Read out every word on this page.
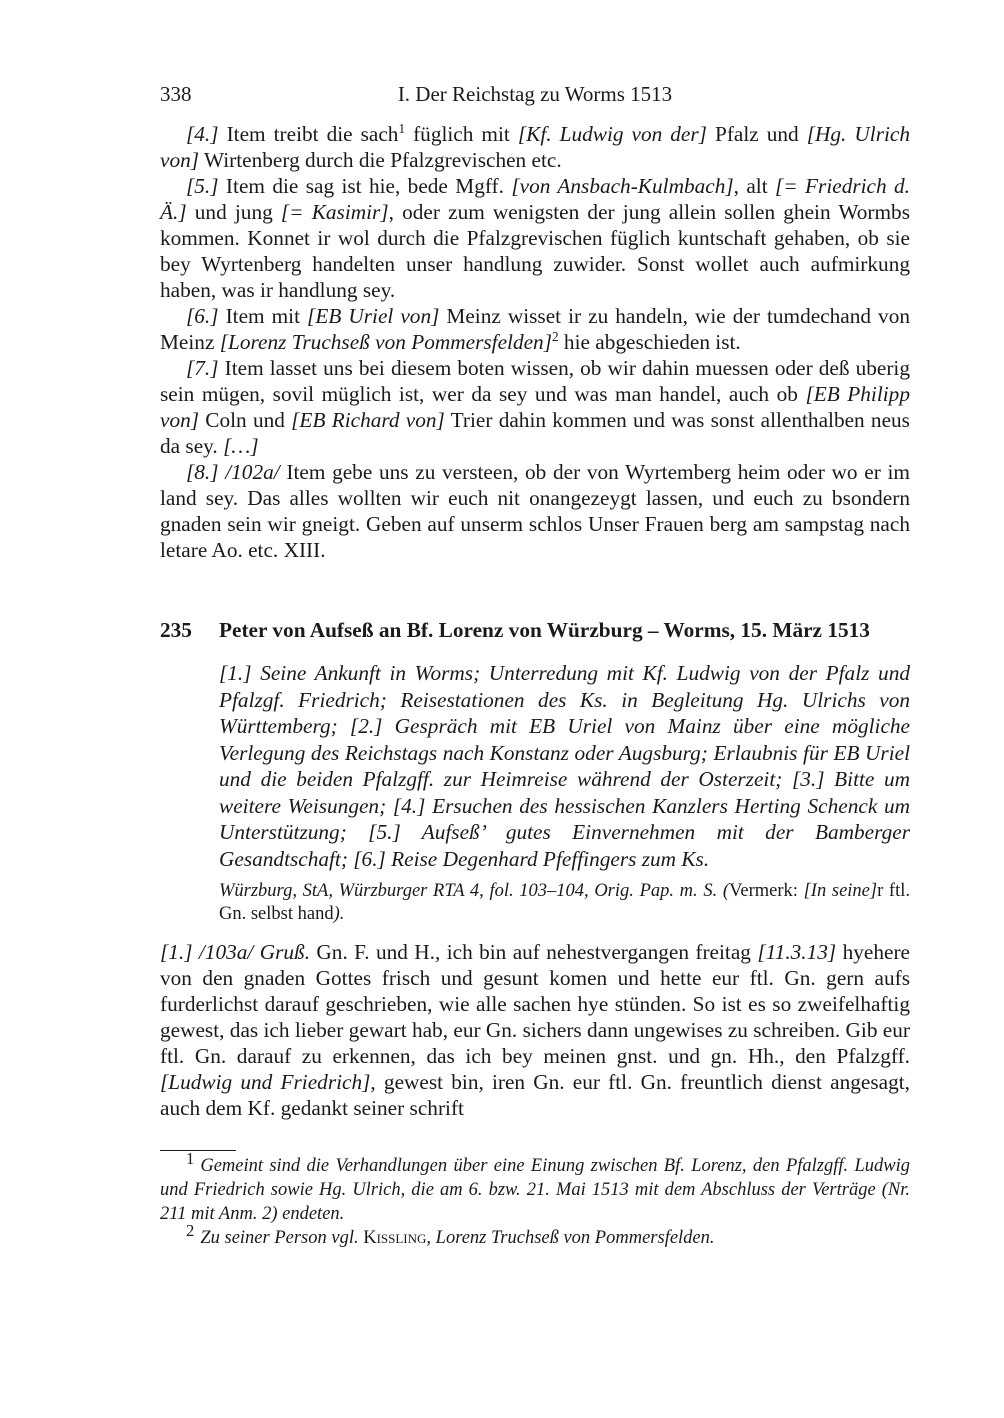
338	I. Der Reichstag zu Worms 1513

[4.] Item treibt die sach$^1$ füglich mit [Kf. Ludwig von der] Pfalz und [Hg. Ulrich von] Wirtenberg durch die Pfalzgrevischen etc.

[5.] Item die sag ist hie, bede Mgff. [von Ansbach-Kulmbach], alt [= Friedrich d. Ä.] und jung [= Kasimir], oder zum wenigsten der jung allein sollen ghein Wormbs kommen. Konnet ir wol durch die Pfalzgrevischen füglich kuntschaft gehaben, ob sie bey Wyrtenberg handelten unser handlung zuwider. Sonst wollet auch aufmirkung haben, was ir handlung sey.

[6.] Item mit [EB Uriel von] Meinz wisset ir zu handeln, wie der tumdechand von Meinz [Lorenz Truchseß von Pommersfelden]$^2$ hie abgeschieden ist.

[7.] Item lasset uns bei diesem boten wissen, ob wir dahin muessen oder deß uberig sein mügen, sovil müglich ist, wer da sey und was man handel, auch ob [EB Philipp von] Coln und [EB Richard von] Trier dahin kommen und was sonst allenthalben neus da sey. […]

[8.] /102a/ Item gebe uns zu versteen, ob der von Wyrtemberg heim oder wo er im land sey. Das alles wollten wir euch nit onangezeygt lassen, und euch zu bsondern gnaden sein wir gneigt. Geben auf unserm schlos Unser Frauen berg am sampstag nach letare Ao. etc. XIII.

235 Peter von Aufseß an Bf. Lorenz von Würzburg – Worms, 15. März 1513
[1.] Seine Ankunft in Worms; Unterredung mit Kf. Ludwig von der Pfalz und Pfalzgf. Friedrich; Reisestationen des Ks. in Begleitung Hg. Ulrichs von Württemberg; [2.] Gespräch mit EB Uriel von Mainz über eine mögliche Verlegung des Reichstags nach Konstanz oder Augsburg; Erlaubnis für EB Uriel und die beiden Pfalzgff. zur Heimreise während der Osterzeit; [3.] Bitte um weitere Weisungen; [4.] Ersuchen des hessischen Kanzlers Herting Schenck um Unterstützung; [5.] Aufseß’ gutes Einvernehmen mit der Bamberger Gesandtschaft; [6.] Reise Degenhard Pfeffingers zum Ks.
Würzburg, StA, Würzburger RTA 4, fol. 103–104, Orig. Pap. m. S. (Vermerk: [In seine]r ftl. Gn. selbst hand).

[1.] /103a/ Gruß. Gn. F. und H., ich bin auf nehestvergangen freitag [11.3.13] hyehere von den gnaden Gottes frisch und gesunt komen und hette eur ftl. Gn. gern aufs furderlichst darauf geschrieben, wie alle sachen hye stünden. So ist es so zweifelhaftig gewest, das ich lieber gewart hab, eur Gn. sichers dann ungewises zu schreiben. Gib eur ftl. Gn. darauf zu erkennen, das ich bey meinen gnst. und gn. Hh., den Pfalzgff. [Ludwig und Friedrich], gewest bin, iren Gn. eur ftl. Gn. freuntlich dienst angesagt, auch dem Kf. gedankt seiner schrift

1 Gemeint sind die Verhandlungen über eine Einung zwischen Bf. Lorenz, den Pfalzgff. Ludwig und Friedrich sowie Hg. Ulrich, die am 6. bzw. 21. Mai 1513 mit dem Abschluss der Verträge (Nr. 211 mit Anm. 2) endeten.

2 Zu seiner Person vgl. Kissling, Lorenz Truchseß von Pommersfelden.
